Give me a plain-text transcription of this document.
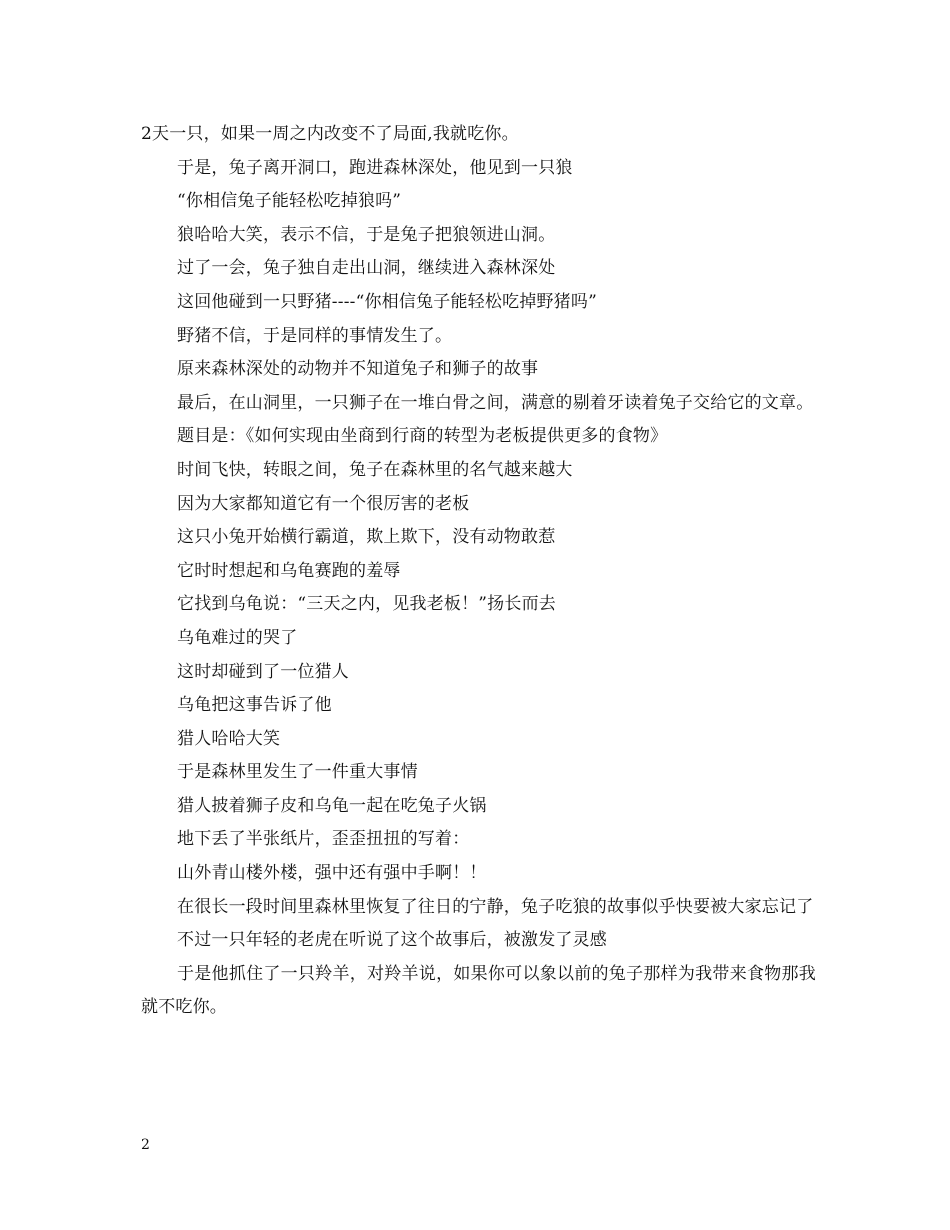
2天一只，如果一周之内改变不了局面,我就吃你。

于是，兔子离开洞口，跑进森林深处，他见到一只狼

“你相信兔子能轻松吃掉狼吗”

狼哈哈大笑，表示不信，于是兔子把狼领进山洞。

过了一会，兔子独自走出山洞，继续进入森林深处

这回他碰到一只野猪----“你相信兔子能轻松吃掉野猪吗”

野猪不信，于是同样的事情发生了。

原来森林深处的动物并不知道兔子和狮子的故事

最后，在山洞里，一只狮子在一堆白骨之间，满意的剔着牙读着兔子交给它的文章。

题目是：《如何实现由坐商到行商的转型为老板提供更多的食物》

时间飞快，转眼之间，兔子在森林里的名气越来越大

因为大家都知道它有一个很厉害的老板

这只小兔开始横行霸道，欺上欺下，没有动物敢惹

它时时想起和乌龟赛跑的羞辱

它找到乌龟说：“三天之内，见我老板！”扬长而去

乌龟难过的哭了

这时却碰到了一位猎人

乌龟把这事告诉了他

猎人哈哈大笑

于是森林里发生了一件重大事情

猎人披着狮子皮和乌龟一起在吃兔子火锅

地下丢了半张纸片，歪歪扭扭的写着：

山外青山楼外楼，强中还有强中手啊！！

在很长一段时间里森林里恢复了往日的宁静，兔子吃狼的故事似乎快要被大家忘记了

不过一只年轻的老虎在听说了这个故事后，被激发了灵感

于是他抓住了一只羚羊，对羚羊说，如果你可以象以前的兔子那样为我带来食物那我就不吃你。

2
